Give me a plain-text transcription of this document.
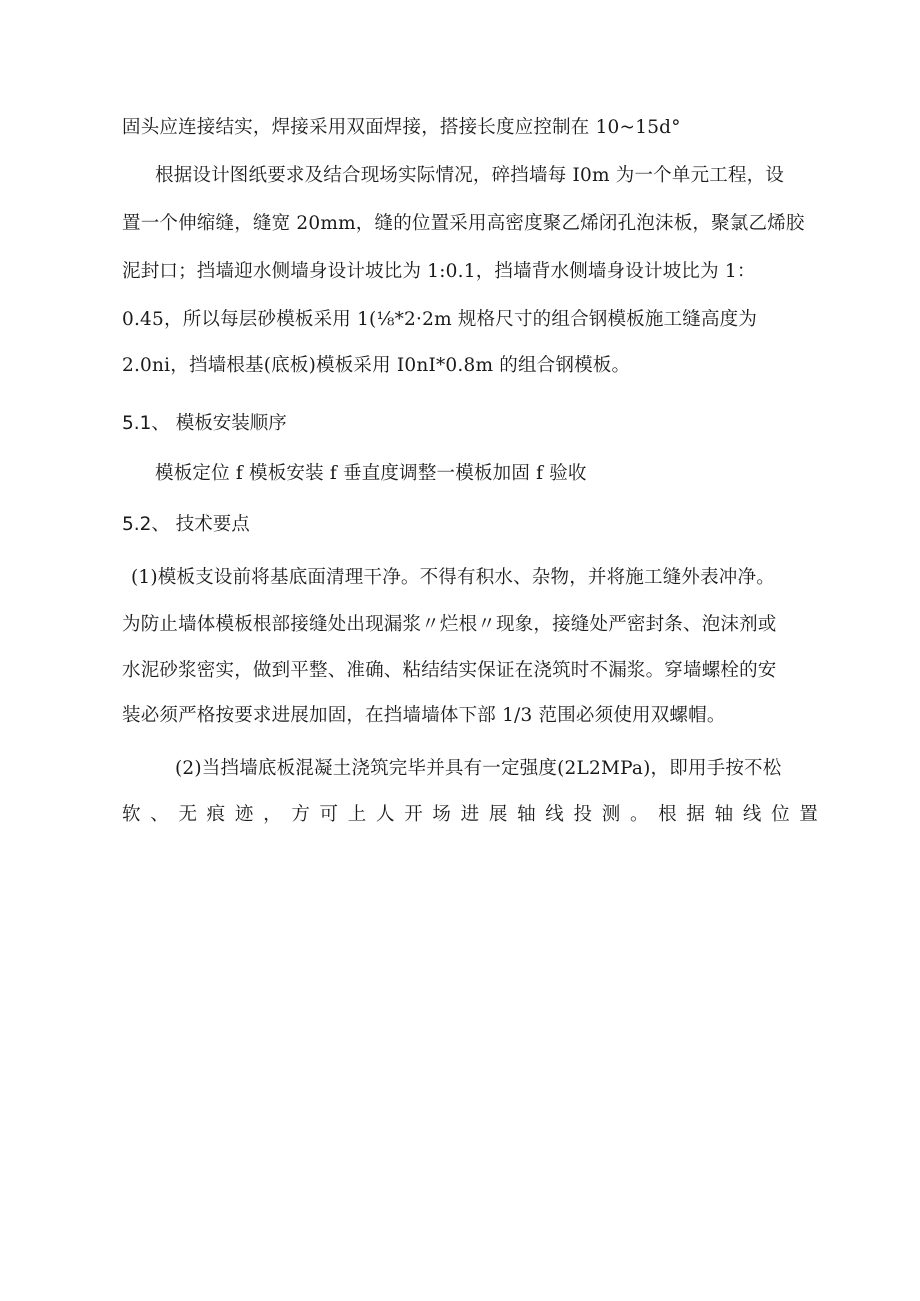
固头应连接结实，焊接采用双面焊接，搭接长度应控制在 10~15d°
根据设计图纸要求及结合现场实际情况，碎挡墙每 I0m 为一个单元工程，设
置一个伸缩缝，缝宽 20mm，缝的位置采用高密度聚乙烯闭孔泡沫板，聚氯乙烯胶
泥封口；挡墙迎水侧墙身设计坡比为 1:0.1，挡墙背水侧墙身设计坡比为 1：
0.45，所以每层砂模板采用 1(⅛*2·2m 规格尺寸的组合钢模板施工缝高度为
2.0ni，挡墙根基(底板)模板采用 I0nI*0.8m 的组合钢模板。
5.1、 模板安装顺序
模板定位 f 模板安装 f 垂直度调整一模板加固 f 验收
5.2、 技术要点
(1)模板支设前将基底面清理干净。不得有积水、杂物，并将施工缝外表冲净。
为防止墙体模板根部接缝处出现漏浆〃烂根〃现象，接缝处严密封条、泡沫剂或
水泥砂浆密实，做到平整、准确、粘结结实保证在浇筑时不漏浆。穿墙螺栓的安
装必须严格按要求进展加固，在挡墙墙体下部 1/3 范围必须使用双螺帽。
(2)当挡墙底板混凝土浇筑完毕并具有一定强度(2L2MPa)，即用手按不松
软、无痕迹，方可上人开场进展轴线投测。根据轴线位置
